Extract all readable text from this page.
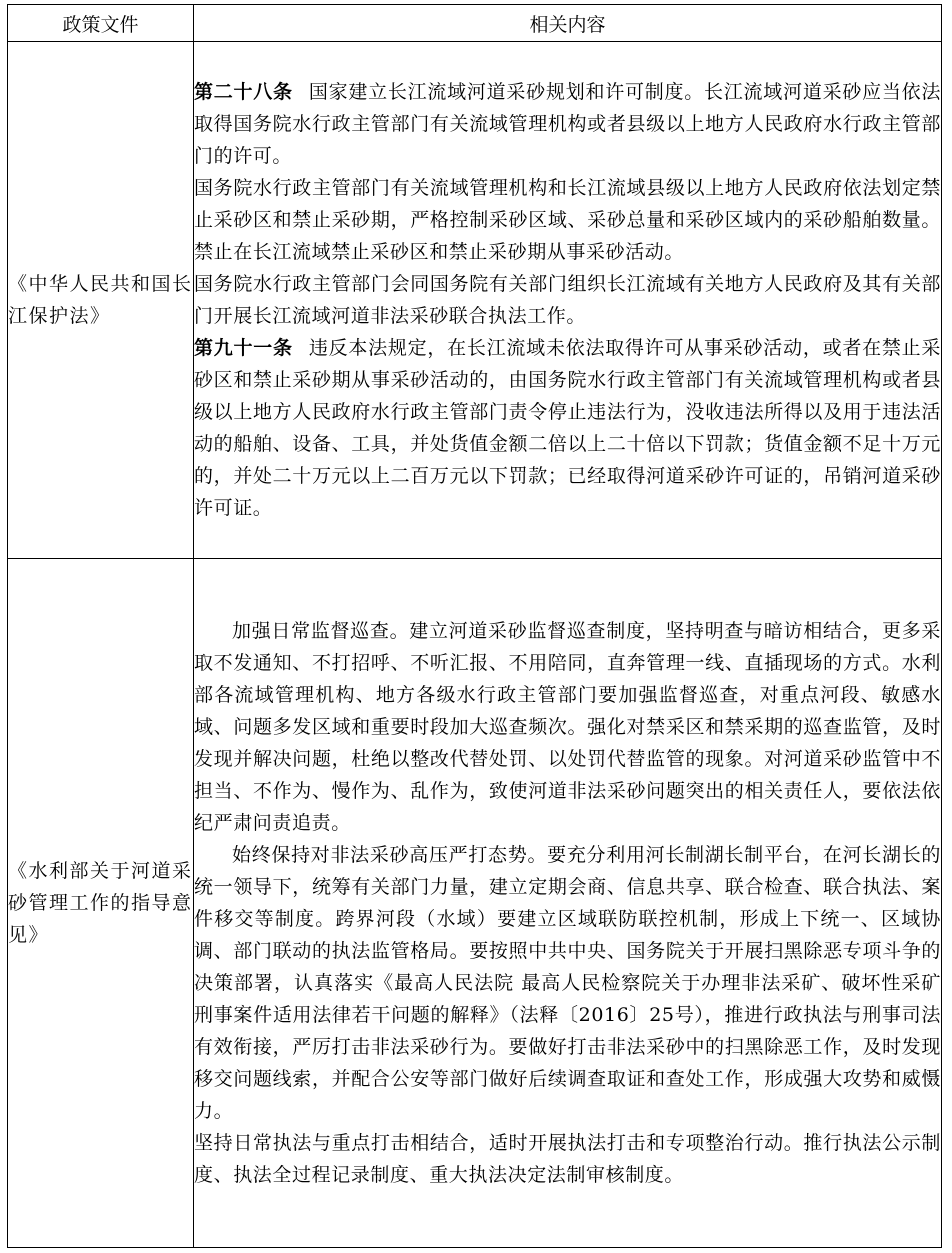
政策文件	相关内容
《中华人民共和国长江保护法》	第二十八条 国家建立长江流域河道采砂规划和许可制度。长江流域河道采砂应当依法取得国务院水行政主管部门有关流域管理机构或者县级以上地方人民政府水行政主管部门的许可。

国务院水行政主管部门有关流域管理机构和长江流域县级以上地方人民政府依法划定禁止采砂区和禁止采砂期，严格控制采砂区域、采砂总量和采砂区域内的采砂船舶数量。禁止在长江流域禁止采砂区和禁止采砂期从事采砂活动。

国务院水行政主管部门会同国务院有关部门组织长江流域有关地方人民政府及其有关部门开展长江流域河道非法采砂联合执法工作。

第九十一条 违反本法规定，在长江流域未依法取得许可从事采砂活动，或者在禁止采砂区和禁止采砂期从事采砂活动的，由国务院水行政主管部门有关流域管理机构或者县级以上地方人民政府水行政主管部门责令停止违法行为，没收违法所得以及用于违法活动的船舶、设备、工具，并处货值金额二倍以上二十倍以下罚款；货值金额不足十万元的，并处二十万元以上二百万元以下罚款；已经取得河道采砂许可证的，吊销河道采砂许可证。

《水利部关于河道采砂管理工作的指导意见》	加强日常监督巡查。建立河道采砂监督巡查制度，坚持明查与暗访相结合，更多采取不发通知、不打招呼、不听汇报、不用陪同，直奔管理一线、直插现场的方式。水利部各流域管理机构、地方各级水行政主管部门要加强监督巡查，对重点河段、敏感水域、问题多发区域和重要时段加大巡查频次。强化对禁采区和禁采期的巡查监管，及时发现并解决问题，杜绝以整改代替处罚、以处罚代替监管的现象。对河道采砂监管中不担当、不作为、慢作为、乱作为，致使河道非法采砂问题突出的相关责任人，要依法依纪严肃问责追责。

始终保持对非法采砂高压严打态势。要充分利用河长制湖长制平台，在河长湖长的统一领导下，统筹有关部门力量，建立定期会商、信息共享、联合检查、联合执法、案件移交等制度。跨界河段（水域）要建立区域联防联控机制，形成上下统一、区域协调、部门联动的执法监管格局。要按照中共中央、国务院关于开展扫黑除恶专项斗争的决策部署，认真落实《最高人民法院 最高人民检察院关于办理非法采矿、破坏性采矿刑事案件适用法律若干问题的解释》（法释〔2016〕25号），推进行政执法与刑事司法有效衔接，严厉打击非法采砂行为。要做好打击非法采砂中的扫黑除恶工作，及时发现移交问题线索，并配合公安等部门做好后续调查取证和查处工作，形成强大攻势和威慑力。

坚持日常执法与重点打击相结合，适时开展执法打击和专项整治行动。推行执法公示制度、执法全过程记录制度、重大执法决定法制审核制度。
